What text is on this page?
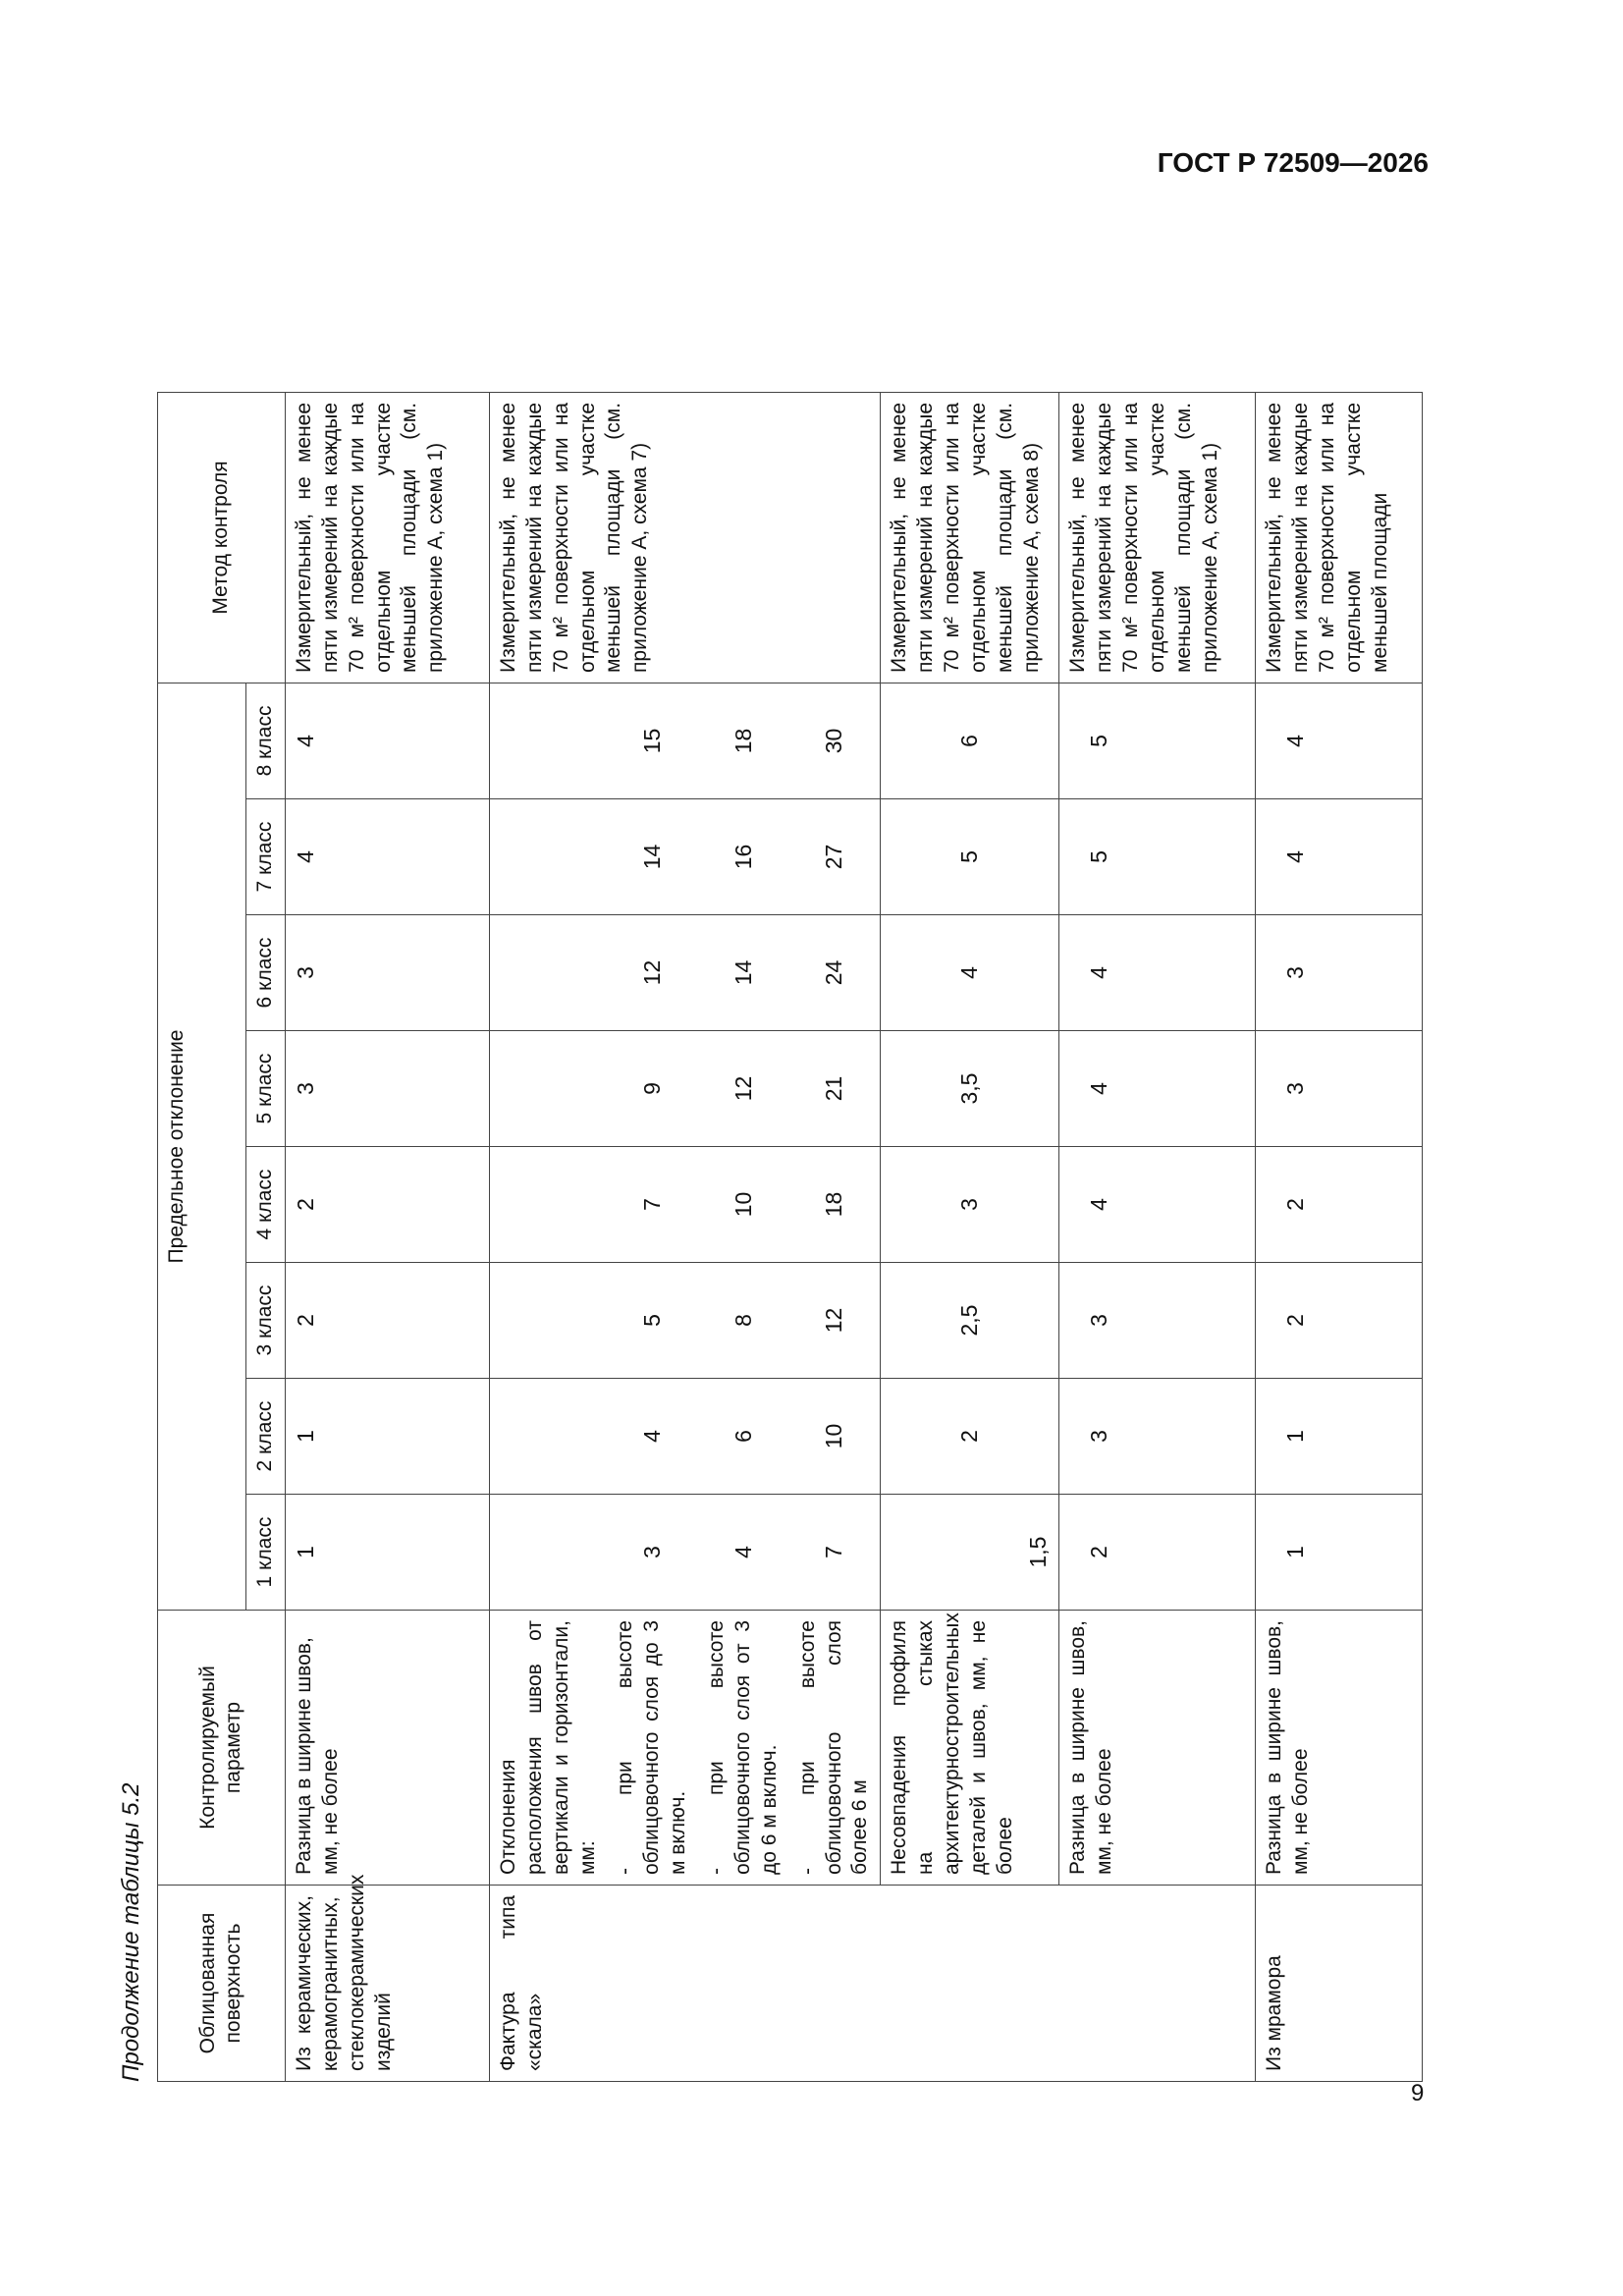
ГОСТ Р 72509—2026
9
Продолжение таблицы 5.2	Облицованная поверхность	Контролируемый параметр	Предельное отклонение								Метод контроля
		1 класс	2 класс	3 класс	4 класс	5 класс	6 класс	7 класс	8 класс	
Из керамических, керамогранитных, стеклокерамических изделий	Разница в ширине швов, мм, не более	1	1	2	2	3	3	4	4	Измерительный, не менее пяти измерений на каждые 70 м² поверхности или на отдельном участке меньшей площади (см. приложение А, схема 1)
Фактура типа «скала»	Отклонения расположения швов от вертикали и горизонтали, мм:									Измерительный, не менее пяти измерений на каждые 70 м² поверхности или на отдельном участке меньшей площади (см. приложение А, схема 7)
	- при высоте облицовочного слоя до 3 м включ.	3	4	5	7	9	12	14	15	
	- при высоте облицовочного слоя от 3 до 6 м включ.	4	6	8	10	12	14	16	18	
	- при высоте облицовочного слоя более 6 м	7	10	12	18	21	24	27	30	
	Несовпадения профиля на стыках архитектурностроительных деталей и швов, мм, не более	1,5	2	2,5	3	3,5	4	5	6	Измерительный, не менее пяти измерений на каждые 70 м² поверхности или на отдельном участке меньшей площади (см. приложение А, схема 8)
	Разница в ширине швов, мм, не более	2	3	3	4	4	4	5	5	Измерительный, не менее пяти измерений на каждые 70 м² поверхности или на отдельном участке меньшей площади (см. приложение А, схема 1)
Из мрамора	Разница в ширине швов, мм, не более	1	1	2	2	3	3	4	4	Измерительный, не менее пяти измерений на каждые 70 м² поверхности или на отдельном участке меньшей площади
